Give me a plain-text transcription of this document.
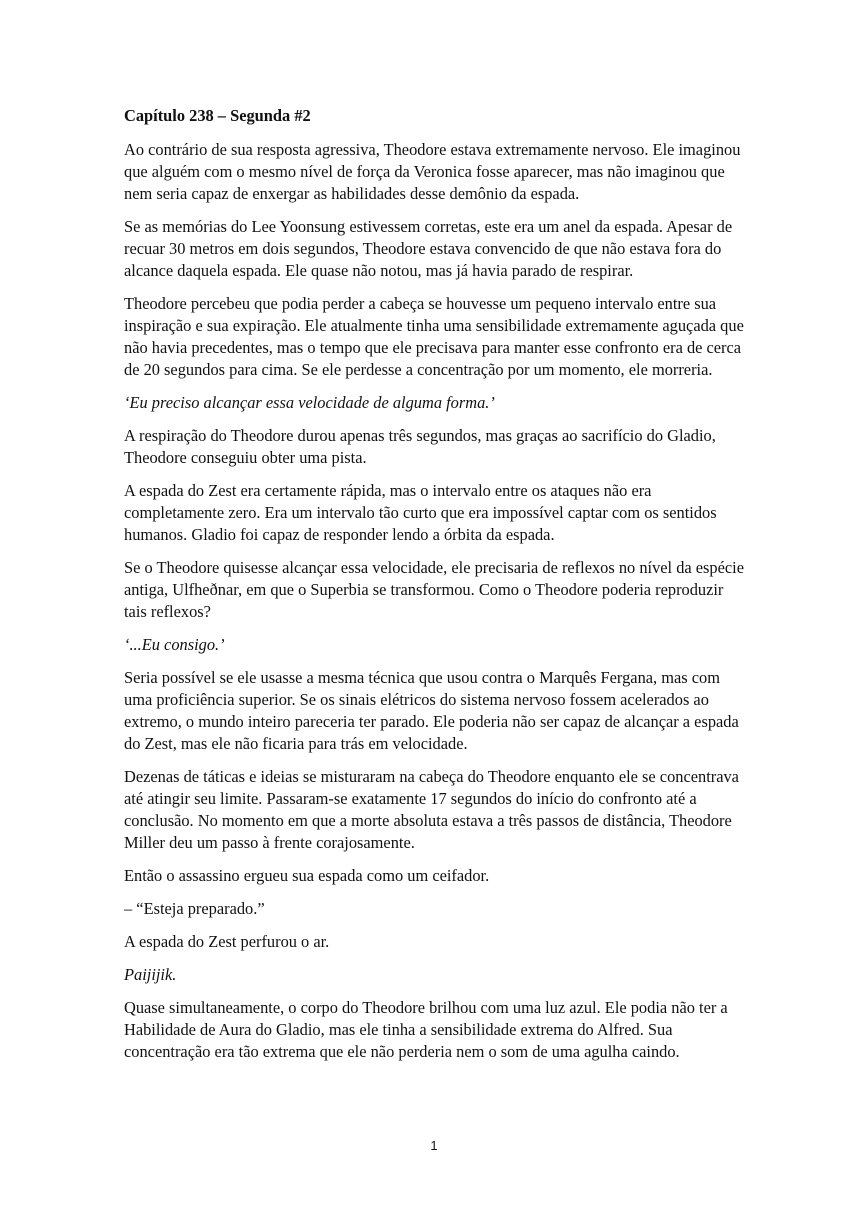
Capítulo 238 – Segunda #2

Ao contrário de sua resposta agressiva, Theodore estava extremamente nervoso. Ele imaginou que alguém com o mesmo nível de força da Veronica fosse aparecer, mas não imaginou que nem seria capaz de enxergar as habilidades desse demônio da espada.

Se as memórias do Lee Yoonsung estivessem corretas, este era um anel da espada. Apesar de recuar 30 metros em dois segundos, Theodore estava convencido de que não estava fora do alcance daquela espada. Ele quase não notou, mas já havia parado de respirar.

Theodore percebeu que podia perder a cabeça se houvesse um pequeno intervalo entre sua inspiração e sua expiração. Ele atualmente tinha uma sensibilidade extremamente aguçada que não havia precedentes, mas o tempo que ele precisava para manter esse confronto era de cerca de 20 segundos para cima. Se ele perdesse a concentração por um momento, ele morreria.

‘Eu preciso alcançar essa velocidade de alguma forma.’

A respiração do Theodore durou apenas três segundos, mas graças ao sacrifício do Gladio, Theodore conseguiu obter uma pista.

A espada do Zest era certamente rápida, mas o intervalo entre os ataques não era completamente zero. Era um intervalo tão curto que era impossível captar com os sentidos humanos. Gladio foi capaz de responder lendo a órbita da espada.

Se o Theodore quisesse alcançar essa velocidade, ele precisaria de reflexos no nível da espécie antiga, Ulfheðnar, em que o Superbia se transformou. Como o Theodore poderia reproduzir tais reflexos?

‘...Eu consigo.’

Seria possível se ele usasse a mesma técnica que usou contra o Marquês Fergana, mas com uma proficiência superior. Se os sinais elétricos do sistema nervoso fossem acelerados ao extremo, o mundo inteiro pareceria ter parado. Ele poderia não ser capaz de alcançar a espada do Zest, mas ele não ficaria para trás em velocidade.

Dezenas de táticas e ideias se misturaram na cabeça do Theodore enquanto ele se concentrava até atingir seu limite. Passaram-se exatamente 17 segundos do início do confronto até a conclusão. No momento em que a morte absoluta estava a três passos de distância, Theodore Miller deu um passo à frente corajosamente.

Então o assassino ergueu sua espada como um ceifador.

– “Esteja preparado.”

A espada do Zest perfurou o ar.

Paijijik.

Quase simultaneamente, o corpo do Theodore brilhou com uma luz azul. Ele podia não ter a Habilidade de Aura do Gladio, mas ele tinha a sensibilidade extrema do Alfred. Sua concentração era tão extrema que ele não perderia nem o som de uma agulha caindo.

1
